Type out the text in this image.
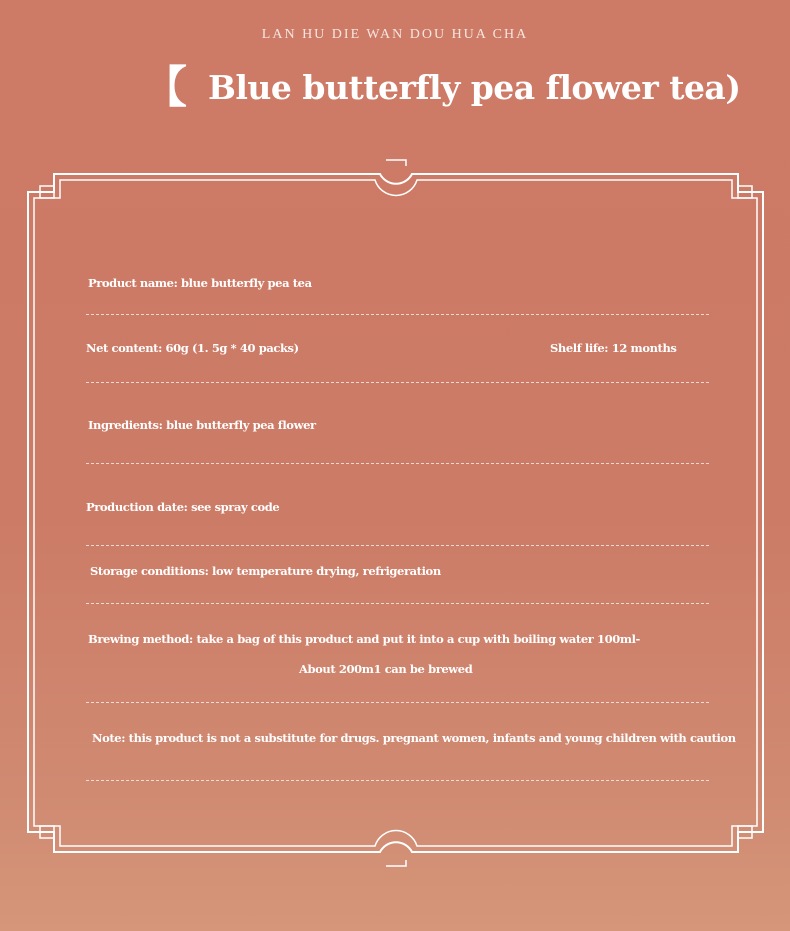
LAN HU DIE WAN DOU HUA CHA
【 Blue butterfly pea flower tea)
Product name: blue butterfly pea tea
Net content: 60g (1. 5g * 40 packs)	Shelf life: 12 months
Ingredients: blue butterfly pea flower
Production date: see spray code
Storage conditions: low temperature drying, refrigeration
Brewing method: take a bag of this product and put it into a cup with boiling water 100ml-
About 200m1 can be brewed
Note: this product is not a substitute for drugs. pregnant women, infants and young children with caution
